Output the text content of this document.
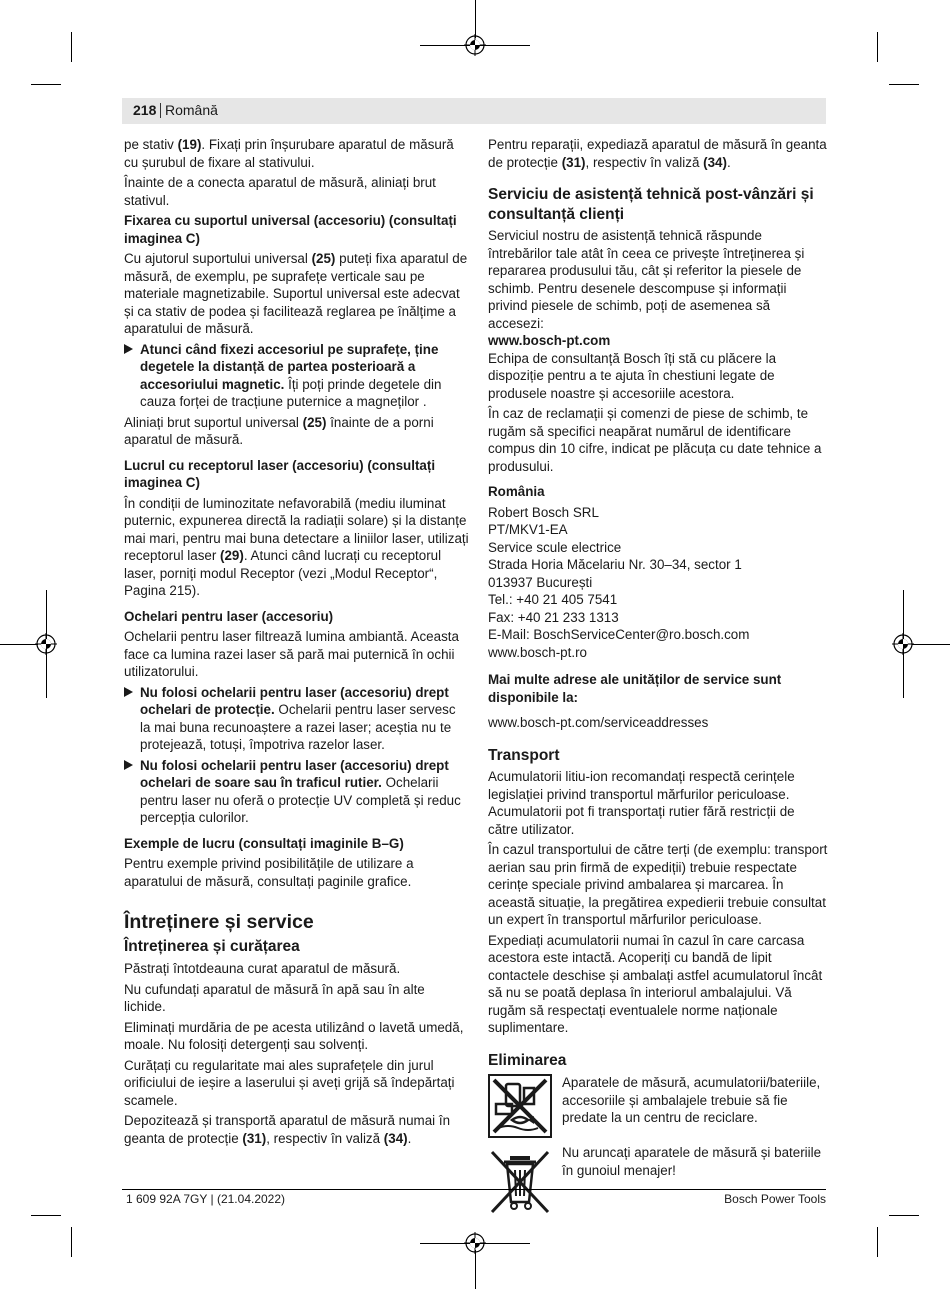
218 Română

pe stativ (19). Fixați prin înșurubare aparatul de măsură cu șurubul de fixare al stativului.

Înainte de a conecta aparatul de măsură, aliniați brut stativul.

Fixarea cu suportul universal (accesoriu) (consultați imaginea C)

Cu ajutorul suportului universal (25) puteți fixa aparatul de măsură, de exemplu, pe suprafețe verticale sau pe materiale magnetizabile. Suportul universal este adecvat și ca stativ de podea și facilitează reglarea pe înălțime a aparatului de măsură.

Atunci când fixezi accesoriul pe suprafețe, ține degetele la distanță de partea posterioară a accesoriului magnetic. Îți poți prinde degetele din cauza forței de tracțiune puternice a magneților .

Aliniați brut suportul universal (25) înainte de a porni aparatul de măsură.

Lucrul cu receptorul laser (accesoriu) (consultați imaginea C)

În condiții de luminozitate nefavorabilă (mediu iluminat puternic, expunerea directă la radiații solare) și la distanțe mai mari, pentru mai buna detectare a liniilor laser, utilizați receptorul laser (29). Atunci când lucrați cu receptorul laser, porniți modul Receptor (vezi „Modul Receptor“, Pagina 215).

Ochelari pentru laser (accesoriu)

Ochelarii pentru laser filtrează lumina ambiantă. Aceasta face ca lumina razei laser să pară mai puternică în ochii utilizatorului.

Nu folosi ochelarii pentru laser (accesoriu) drept ochelari de protecție. Ochelarii pentru laser servesc la mai buna recunoaștere a razei laser; aceștia nu te protejează, totuși, împotriva razelor laser.
Nu folosi ochelarii pentru laser (accesoriu) drept ochelari de soare sau în traficul rutier. Ochelarii pentru laser nu oferă o protecție UV completă și reduc percepția culorilor.

Exemple de lucru (consultați imaginile B–G)

Pentru exemple privind posibilitățile de utilizare a aparatului de măsură, consultați paginile grafice.

Întreținere și service

Întreținerea și curățarea

Păstrați întotdeauna curat aparatul de măsură.

Nu cufundați aparatul de măsură în apă sau în alte lichide.

Eliminați murdăria de pe acesta utilizând o lavetă umedă, moale. Nu folosiți detergenți sau solvenți.

Curățați cu regularitate mai ales suprafețele din jurul orificiului de ieșire a laserului și aveți grijă să îndepărtați scamele.

Depozitează și transportă aparatul de măsură numai în geanta de protecție (31), respectiv în valiză (34).

Pentru reparații, expediază aparatul de măsură în geanta de protecție (31), respectiv în valiză (34).

Serviciu de asistență tehnică post-vânzări și consultanță clienți

Serviciul nostru de asistență tehnică răspunde întrebărilor tale atât în ceea ce privește întreținerea și repararea produsului tău, cât și referitor la piesele de schimb. Pentru desenele descompuse și informații privind piesele de schimb, poți de asemenea să accesezi:

www.bosch-pt.com

Echipa de consultanță Bosch îți stă cu plăcere la dispoziție pentru a te ajuta în chestiuni legate de produsele noastre și accesoriile acestora.

În caz de reclamații și comenzi de piese de schimb, te rugăm să specifici neapărat numărul de identificare compus din 10 cifre, indicat pe plăcuța cu date tehnice a produsului.

România

Robert Bosch SRL
PT/MKV1-EA
Service scule electrice
Strada Horia Măcelariu Nr. 30–34, sector 1
013937 București
Tel.: +40 21 405 7541
Fax: +40 21 233 1313
E-Mail: BoschServiceCenter@ro.bosch.com
www.bosch-pt.ro

Mai multe adrese ale unităților de service sunt disponibile la:

www.bosch-pt.com/serviceaddresses

Transport

Acumulatorii litiu-ion recomandați respectă cerințele legislației privind transportul mărfurilor periculoase. Acumulatorii pot fi transportați rutier fără restricții de către utilizator.

În cazul transportului de către terți (de exemplu: transport aerian sau prin firmă de expediții) trebuie respectate cerințe speciale privind ambalarea și marcarea. În această situație, la pregătirea expedierii trebuie consultat un expert în transportul mărfurilor periculoase.

Expediați acumulatorii numai în cazul în care carcasa acestora este intactă. Acoperiți cu bandă de lipit contactele deschise și ambalați astfel acumulatorul încât să nu se poată deplasa în interiorul ambalajului. Vă rugăm să respectați eventualele norme naționale suplimentare.

Eliminarea

Aparatele de măsură, acumulatorii/bateriile, accesoriile și ambalajele trebuie să fie predate la un centru de reciclare.
Nu aruncați aparatele de măsură și bateriile în gunoiul menajer!
1 609 92A 7GY | (21.04.2022)	Bosch Power Tools
